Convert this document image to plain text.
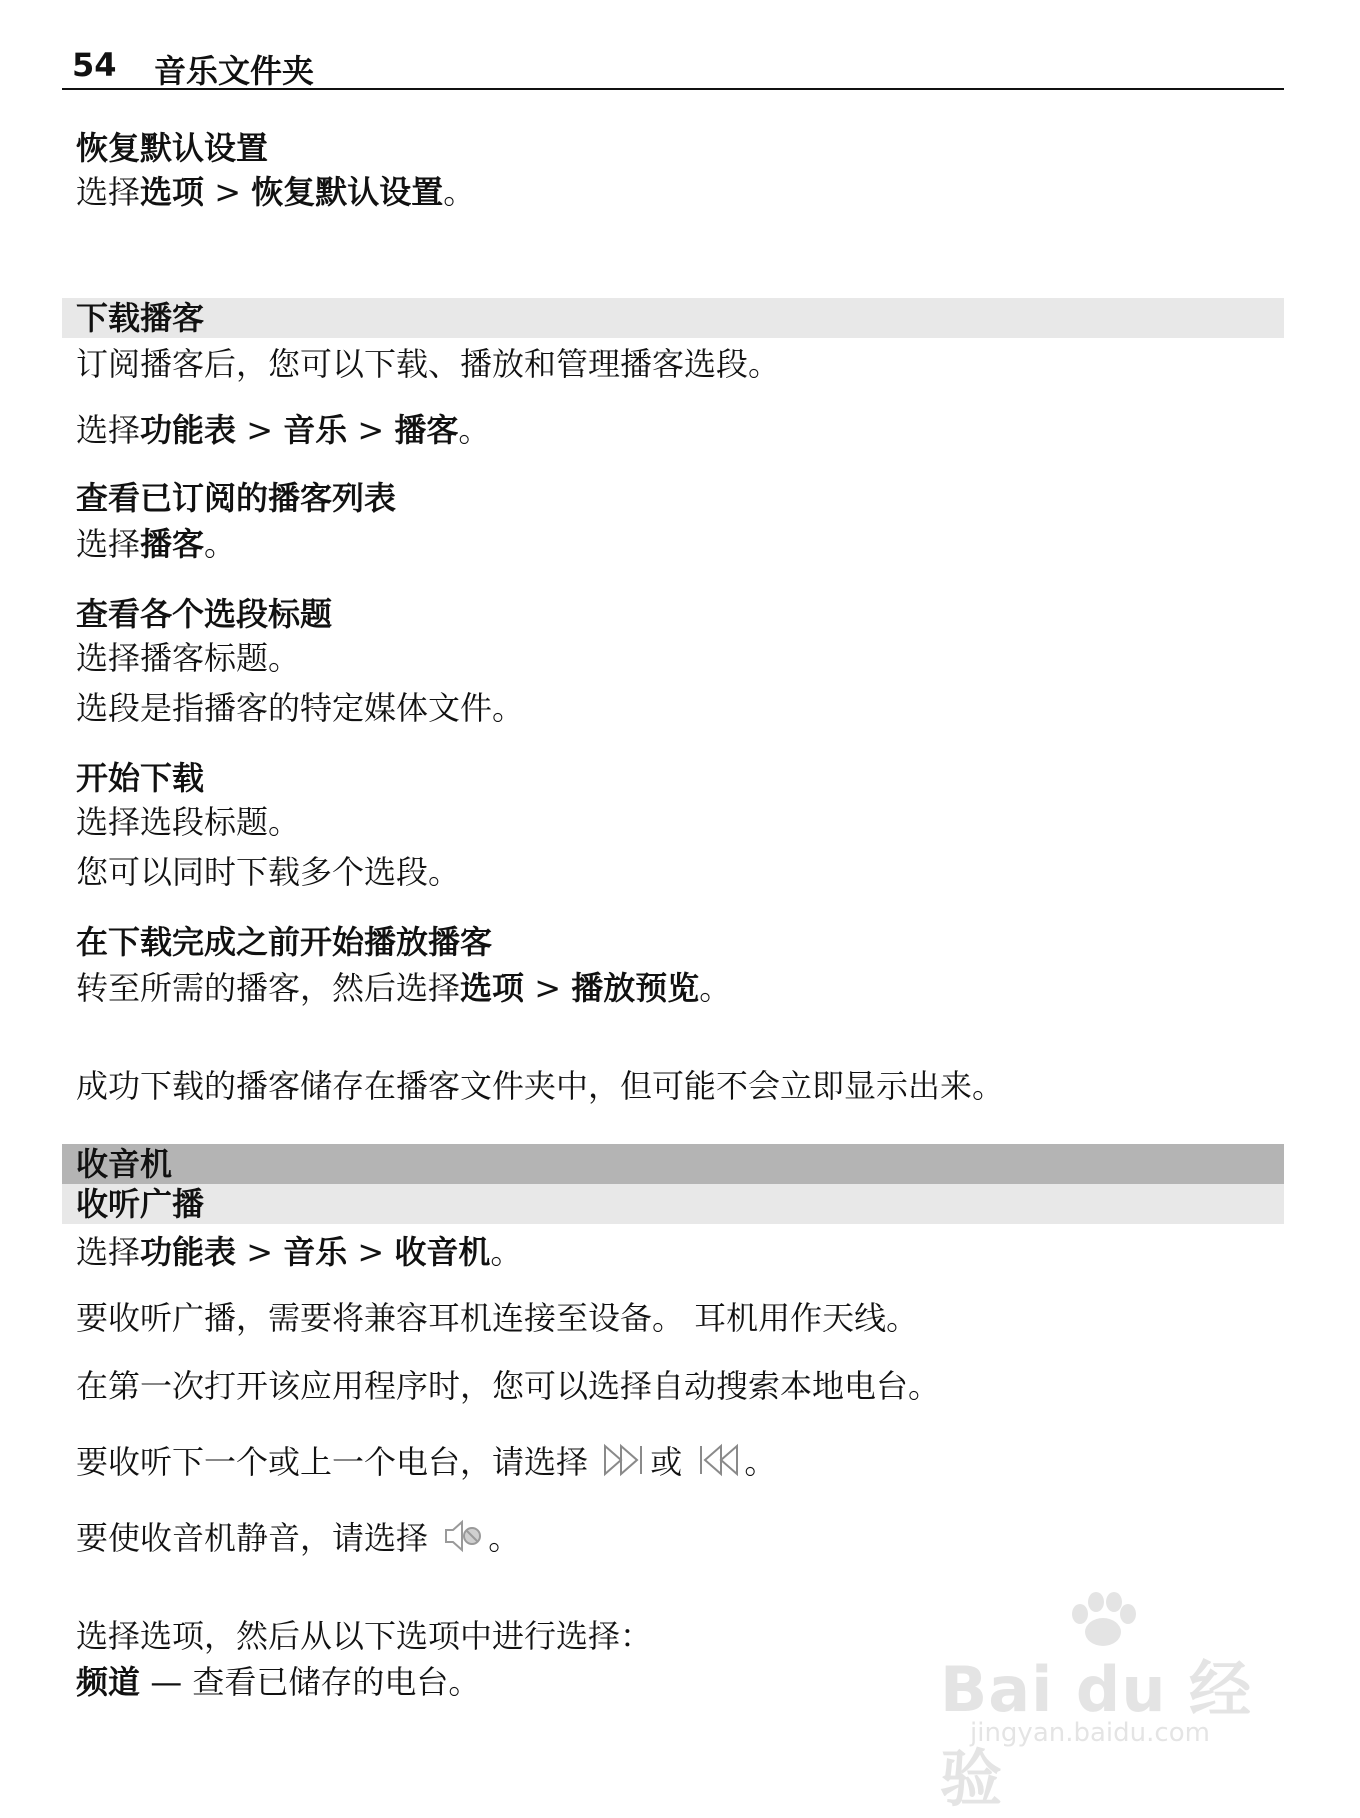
54 音乐文件夹
恢复默认设置
选择选项 > 恢复默认设置。
下载播客
订阅播客后，您可以下载、播放和管理播客选段。
选择功能表 > 音乐 > 播客。
查看已订阅的播客列表
选择播客。
查看各个选段标题
选择播客标题。
选段是指播客的特定媒体文件。
开始下载
选择选段标题。
您可以同时下载多个选段。
在下载完成之前开始播放播客
转至所需的播客，然后选择选项 > 播放预览。
成功下载的播客储存在播客文件夹中，但可能不会立即显示出来。
收音机
收听广播
选择功能表 > 音乐 > 收音机。
要收听广播，需要将兼容耳机连接至设备。 耳机用作天线。
在第一次打开该应用程序时，您可以选择自动搜索本地电台。
要收听下一个或上一个电台，请选择 或 。
要使收音机静音，请选择 。
选择选项，然后从以下选项中进行选择：
频道 — 查看已储存的电台。	Bai du 经验
jingyan.baidu.com
